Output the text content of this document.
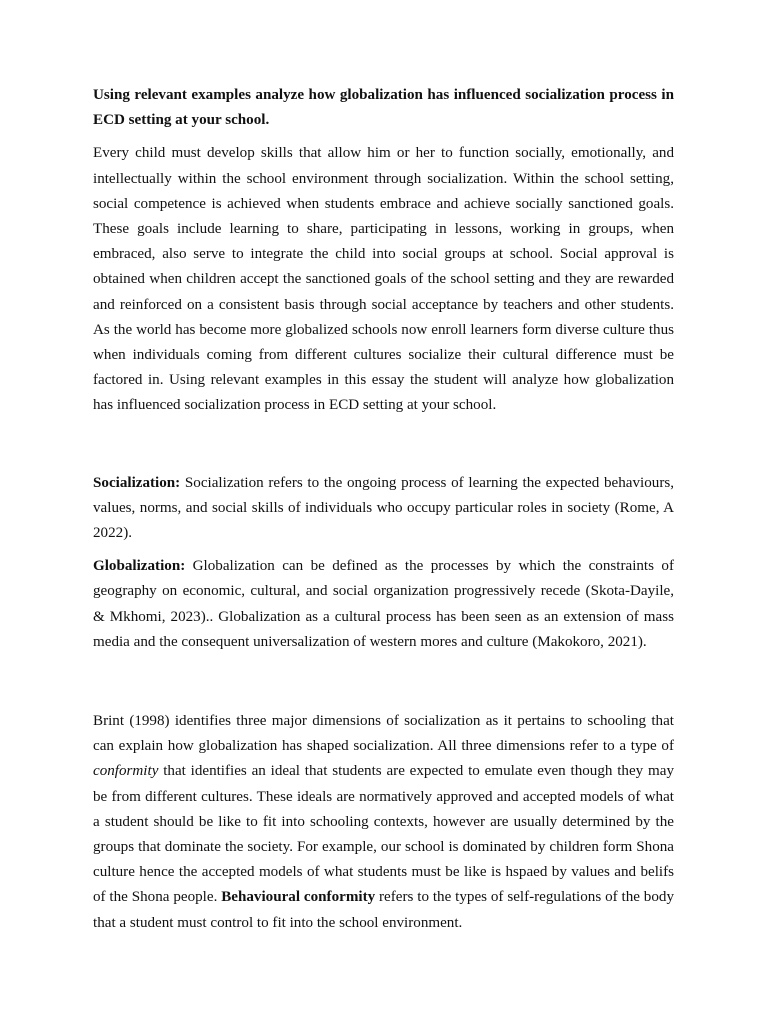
Using relevant examples analyze how globalization has influenced socialization process in ECD setting at your school.

Every child must develop skills that allow him or her to function socially, emotionally, and intellectually within the school environment through socialization. Within the school setting, social competence is achieved when students embrace and achieve socially sanctioned goals. These goals include learning to share, participating in lessons, working in groups, when embraced, also serve to integrate the child into social groups at school. Social approval is obtained when children accept the sanctioned goals of the school setting and they are rewarded and reinforced on a consistent basis through social acceptance by teachers and other students. As the world has become more globalized schools now enroll learners form diverse culture thus when individuals coming from different cultures socialize their cultural difference must be factored in. Using relevant examples in this essay the student will analyze how globalization has influenced socialization process in ECD setting at your school.

Socialization: Socialization refers to the ongoing process of learning the expected behaviours, values, norms, and social skills of individuals who occupy particular roles in society (Rome, A 2022).

Globalization: Globalization can be defined as the processes by which the constraints of geography on economic, cultural, and social organization progressively recede (Skota-Dayile, & Mkhomi, 2023).. Globalization as a cultural process has been seen as an extension of mass media and the consequent universalization of western mores and culture (Makokoro, 2021).

Brint (1998) identifies three major dimensions of socialization as it pertains to schooling that can explain how globalization has shaped socialization. All three dimensions refer to a type of conformity that identifies an ideal that students are expected to emulate even though they may be from different cultures. These ideals are normatively approved and accepted models of what a student should be like to fit into schooling contexts, however are usually determined by the groups that dominate the society. For example, our school is dominated by children form Shona culture hence the accepted models of what students must be like is hspaed by values and belifs of the Shona people. Behavioural conformity refers to the types of self-regulations of the body that a student must control to fit into the school environment.
